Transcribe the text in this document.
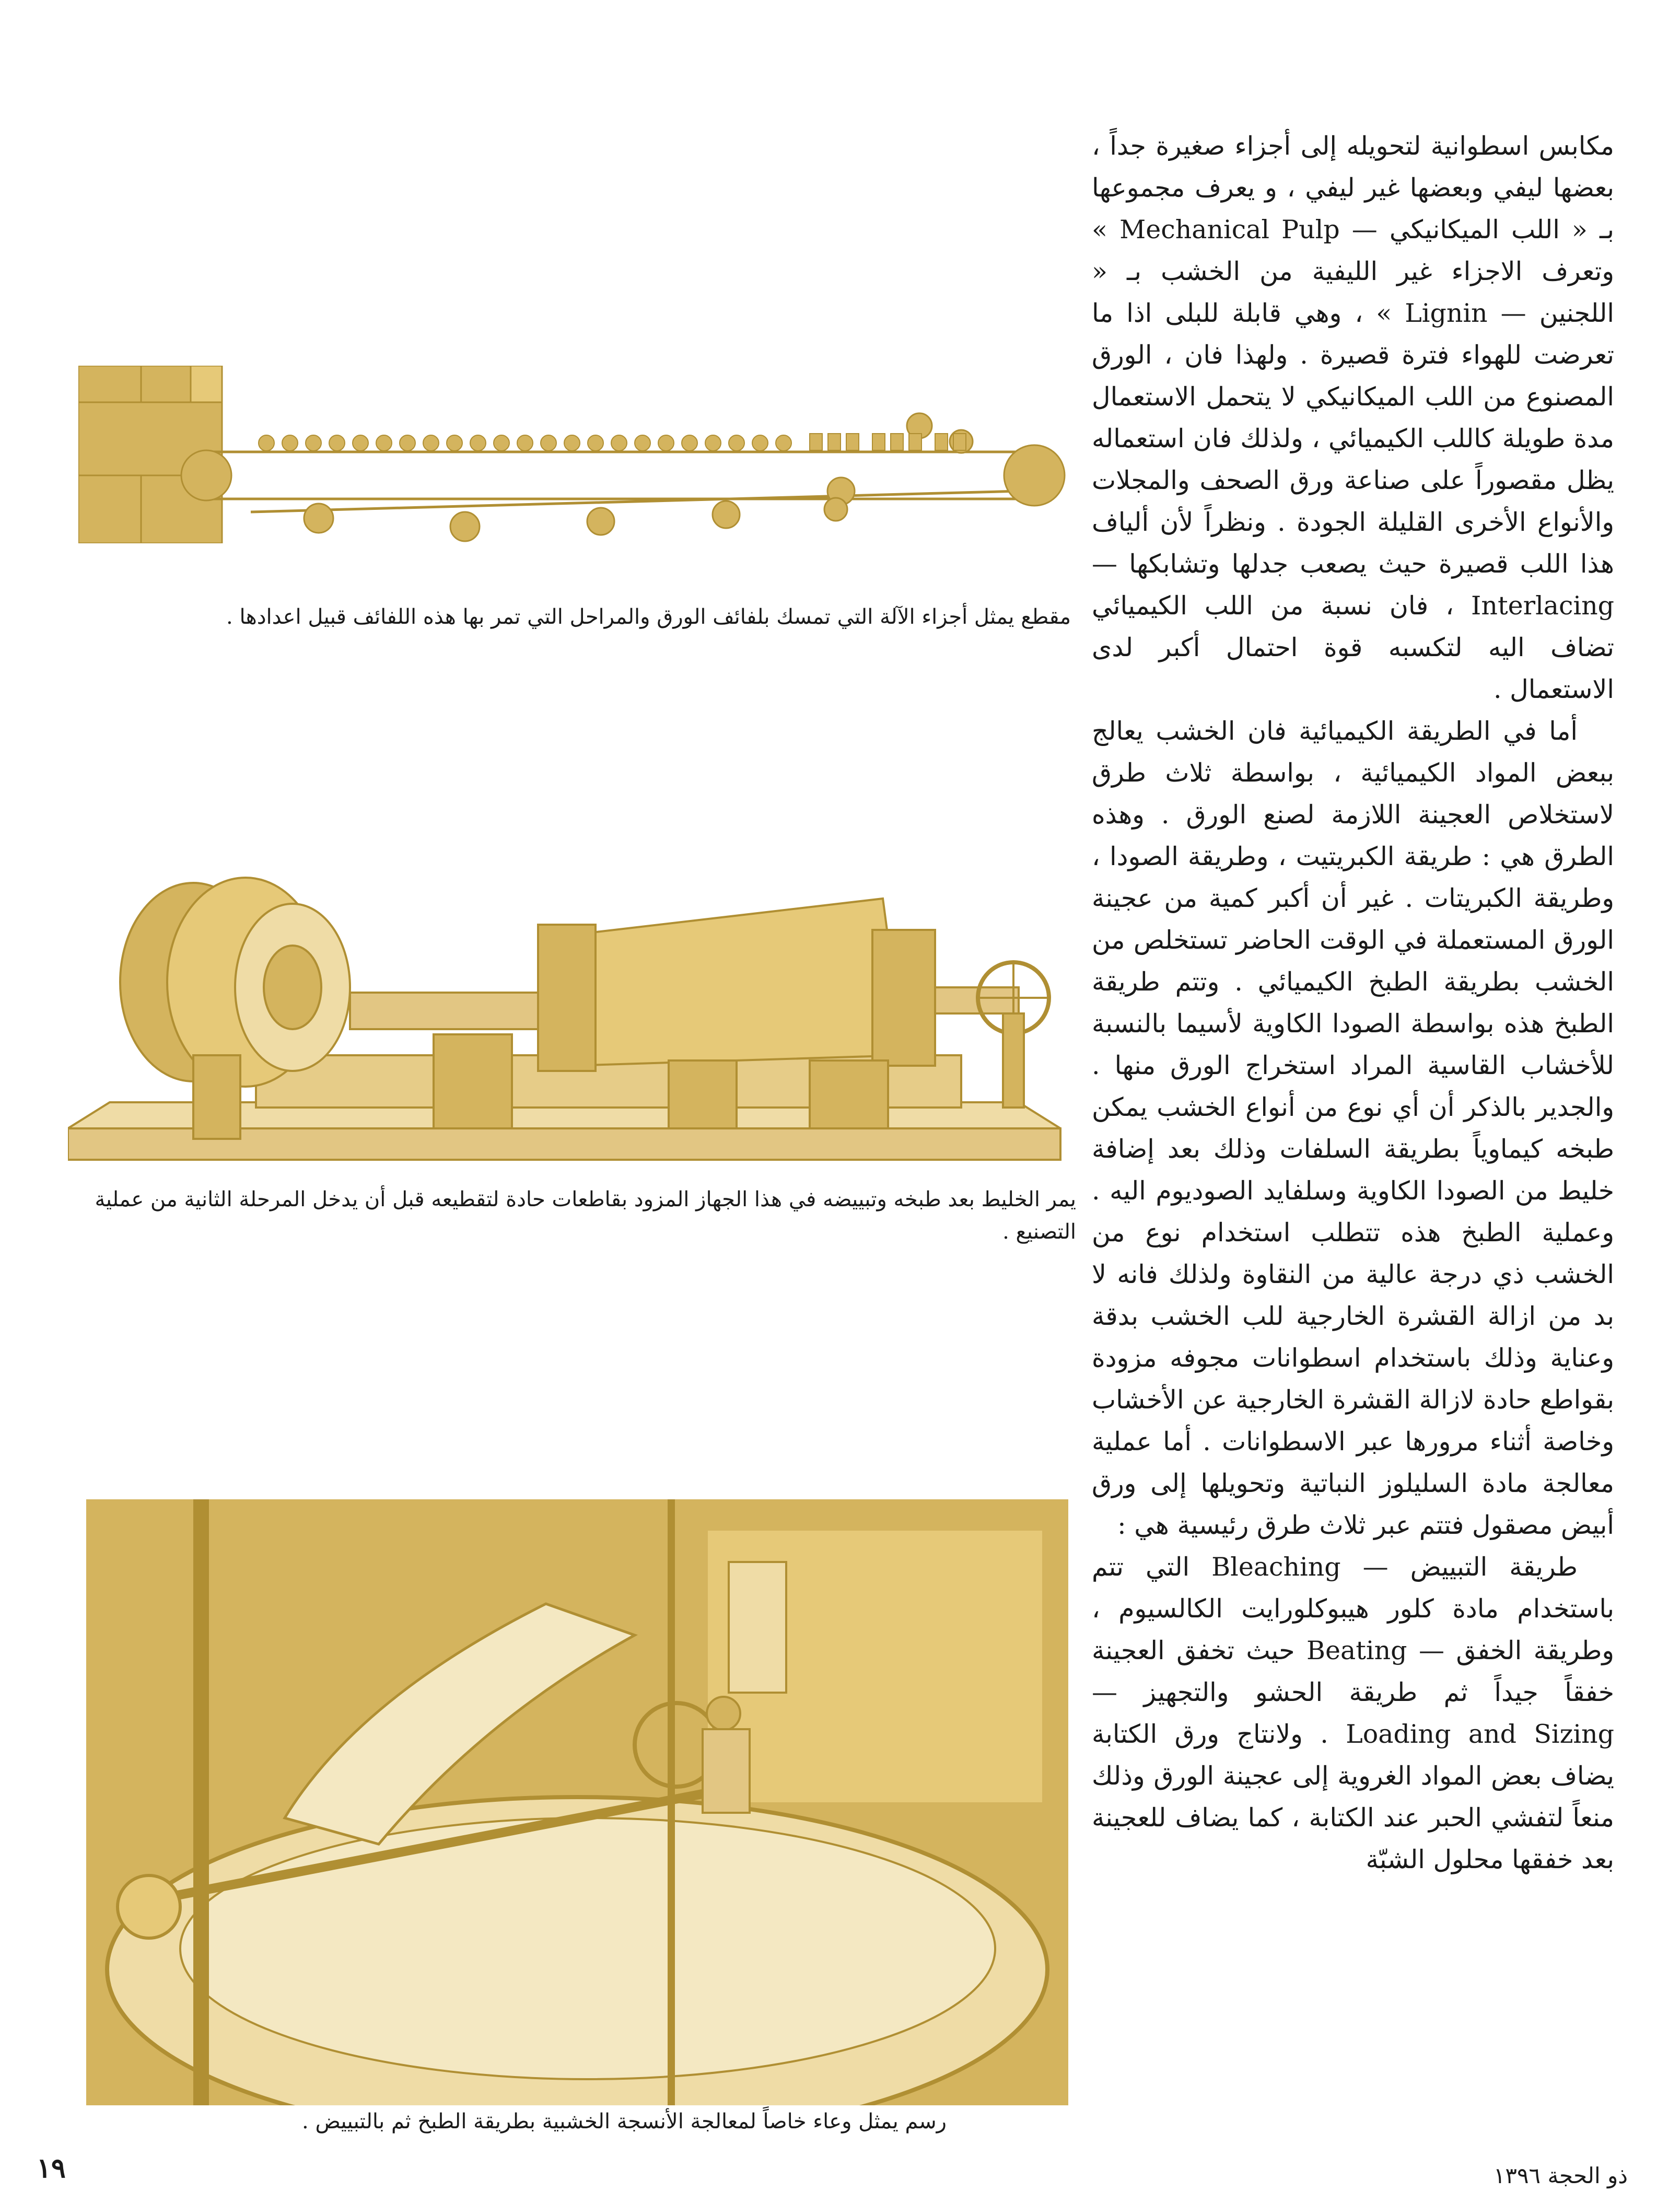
مكابس اسطوانية لتحويله إلى أجزاء صغيرة جداً ، بعضها ليفي وبعضها غير ليفي ، و يعرف مجموعها بـ « اللب الميكانيكي — Mechanical Pulp » وتعرف الاجزاء غير الليفية من الخشب بـ « اللجنين — Lignin » ، وهي قابلة للبلى اذا ما تعرضت للهواء فترة قصيرة . ولهذا فان ، الورق المصنوع من اللب الميكانيكي لا يتحمل الاستعمال مدة طويلة كاللب الكيميائي ، ولذلك فان استعماله يظل مقصوراً على صناعة ورق الصحف والمجلات والأنواع الأخرى القليلة الجودة . ونظراً لأن ألياف هذا اللب قصيرة حيث يصعب جدلها وتشابكها — Interlacing ، فان نسبة من اللب الكيميائي تضاف اليه لتكسبه قوة احتمال أكبر لدى الاستعمال .

أما في الطريقة الكيميائية فان الخشب يعالج ببعض المواد الكيميائية ، بواسطة ثلاث طرق لاستخلاص العجينة اللازمة لصنع الورق . وهذه الطرق هي : طريقة الكبريتيت ، وطريقة الصودا ، وطريقة الكبريتات . غير أن أكبر كمية من عجينة الورق المستعملة في الوقت الحاضر تستخلص من الخشب بطريقة الطبخ الكيميائي . وتتم طريقة الطبخ هذه بواسطة الصودا الكاوية لأسيما بالنسبة للأخشاب القاسية المراد استخراج الورق منها . والجدير بالذكر أن أي نوع من أنواع الخشب يمكن طبخه كيماوياً بطريقة السلفات وذلك بعد إضافة خليط من الصودا الكاوية وسلفايد الصوديوم اليه . وعملية الطبخ هذه تتطلب استخدام نوع من الخشب ذي درجة عالية من النقاوة ولذلك فانه لا بد من ازالة القشرة الخارجية للب الخشب بدقة وعناية وذلك باستخدام اسطوانات مجوفه مزودة بقواطع حادة لازالة القشرة الخارجية عن الأخشاب وخاصة أثناء مرورها عبر الاسطوانات . أما عملية معالجة مادة السليلوز النباتية وتحويلها إلى ورق أبيض مصقول فتتم عبر ثلاث طرق رئيسية هي :

طريقة التبييض — Bleaching التي تتم باستخدام مادة كلور هيبوكلورايت الكالسيوم ، وطريقة الخفق — Beating حيث تخفق العجينة خفقاً جيداً ثم طريقة الحشو والتجهيز — Loading and Sizing . ولانتاج ورق الكتابة يضاف بعض المواد الغروية إلى عجينة الورق وذلك منعاً لتفشي الحبر عند الكتابة ، كما يضاف للعجينة بعد خفقها محلول الشبّة

مقطع يمثل أجزاء الآلة التي تمسك بلفائف الورق والمراحل التي تمر بها هذه اللفائف قبيل اعدادها .

يمر الخليط بعد طبخه وتبييضه في هذا الجهاز المزود بقاطعات حادة لتقطيعه قبل أن يدخل المرحلة الثانية من عملية التصنيع .

رسم يمثل وعاء خاصاً لمعالجة الأنسجة الخشبية بطريقة الطبخ ثم بالتبييض .

١٩	ذو الحجة ١٣٩٦
